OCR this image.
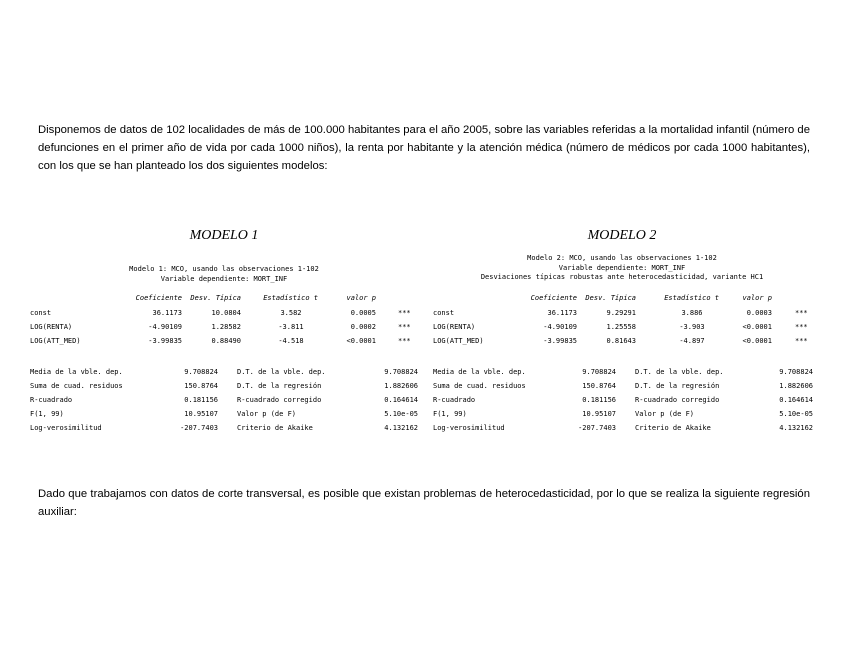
Disponemos de datos de 102 localidades de más de 100.000 habitantes para el año 2005, sobre las variables referidas a la mortalidad infantil (número de defunciones en el primer año de vida por cada 1000 niños), la renta por habitante y la atención médica (número de médicos por cada 1000 habitantes), con los que se han planteado los dos siguientes modelos:
MODELO 1	MODELO 2
Modelo 1: MCO, usando las observaciones 1-102
Variable dependiente: MORT_INF
Modelo 2: MCO, usando las observaciones 1-102
Variable dependiente: MORT_INF
Desviaciones típicas robustas ante heterocedasticidad, variante HC1
Coeficiente	Desv. Típica	Estadístico t	valor p
const	36.1173	10.0804	3.582	0.0005	***
LOG(RENTA)	-4.90109	1.28582	-3.811	0.0002	***
LOG(ATT_MED)	-3.99835	0.88490	-4.518	<0.0001	***
Media de la vble. dep.	9.708824	D.T. de la vble. dep.	9.708824
Suma de cuad. residuos	150.8764	D.T. de la regresión	1.882606
R-cuadrado	0.181156	R-cuadrado corregido	0.164614
F(1, 99)	10.95107	Valor p (de F)	5.10e-05
Log-verosimilitud	-207.7403	Criterio de Akaike	4.132162
Coeficiente	Desv. Típica	Estadístico t	valor p
const	36.1173	9.29291	3.886	0.0003	***
LOG(RENTA)	-4.90109	1.25558	-3.903	<0.0001	***
LOG(ATT_MED)	-3.99835	0.81643	-4.897	<0.0001	***
Media de la vble. dep.	9.708824	D.T. de la vble. dep.	9.708824
Suma de cuad. residuos	150.8764	D.T. de la regresión	1.882606
R-cuadrado	0.181156	R-cuadrado corregido	0.164614
F(1, 99)	10.95107	Valor p (de F)	5.10e-05
Log-verosimilitud	-207.7403	Criterio de Akaike	4.132162
Dado que trabajamos con datos de corte transversal, es posible que existan problemas de heterocedasticidad, por lo que se realiza la siguiente regresión auxiliar:
